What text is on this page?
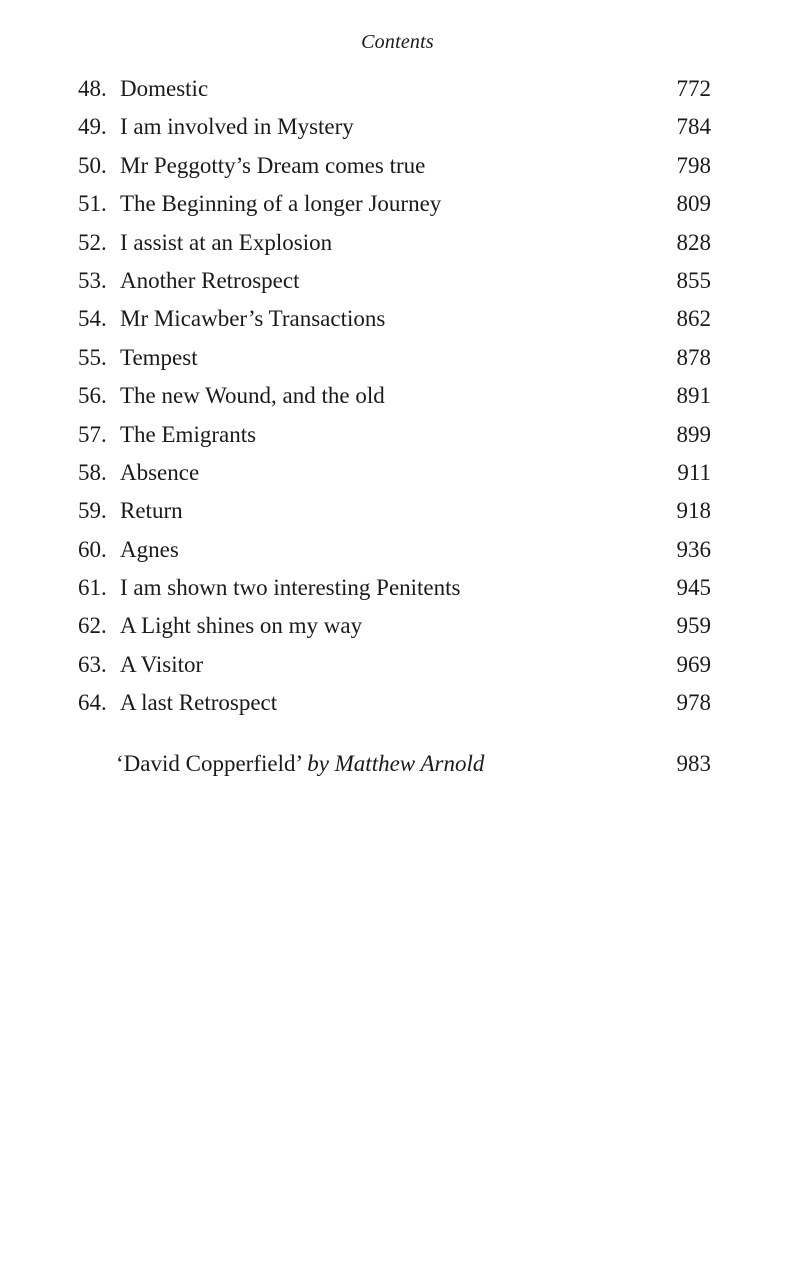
Contents
48. Domestic	772
49. I am involved in Mystery	784
50. Mr Peggotty’s Dream comes true	798
51. The Beginning of a longer Journey	809
52. I assist at an Explosion	828
53. Another Retrospect	855
54. Mr Micawber’s Transactions	862
55. Tempest	878
56. The new Wound, and the old	891
57. The Emigrants	899
58. Absence	911
59. Return	918
60. Agnes	936
61. I am shown two interesting Penitents	945
62. A Light shines on my way	959
63. A Visitor	969
64. A last Retrospect	978
‘David Copperfield’ by Matthew Arnold	983
